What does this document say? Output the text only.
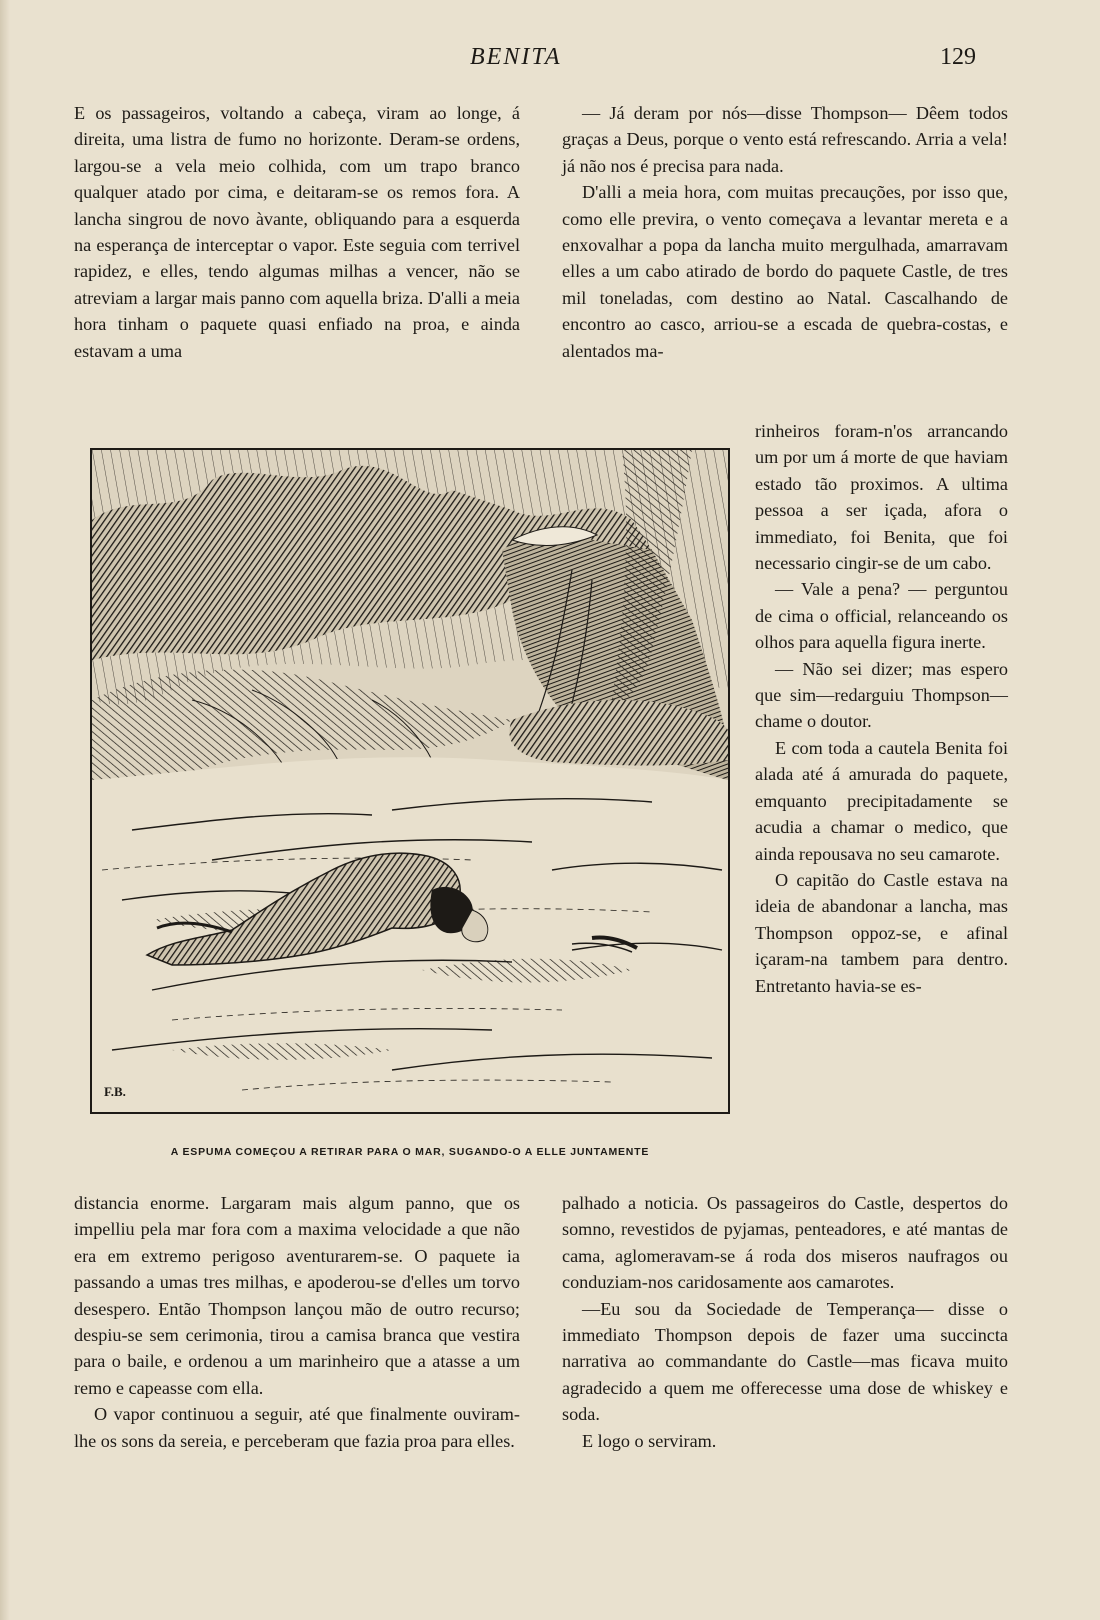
BENITA	129

E os passageiros, voltando a cabeça, viram ao longe, á direita, uma listra de fumo no horizonte. Deram-se ordens, largou-se a vela meio colhida, com um trapo branco qualquer atado por cima, e deitaram-se os remos fora. A lancha singrou de novo àvante, obliquando para a esquerda na esperança de interceptar o vapor. Este seguia com terrivel rapidez, e elles, tendo algumas milhas a vencer, não se atreviam a largar mais panno com aquella briza. D'alli a meia hora tinham o paquete quasi enfiado na proa, e ainda estavam a uma

— Já deram por nós—disse Thompson— Dêem todos graças a Deus, porque o vento está refrescando. Arria a vela! já não nos é precisa para nada.

D'alli a meia hora, com muitas precauções, por isso que, como elle previra, o vento começava a levantar mereta e a enxovalhar a popa da lancha muito mergulhada, amarravam elles a um cabo atirado de bordo do paquete Castle, de tres mil toneladas, com destino ao Natal. Cascalhando de encontro ao casco, arriou-se a escada de quebra-costas, e alentados ma-

rinheiros foram-n'os arrancando um por um á morte de que haviam estado tão proximos. A ultima pessoa a ser içada, afora o immediato, foi Benita, que foi necessario cingir-se de um cabo.

— Vale a pena? — perguntou de cima o official, relanceando os olhos para aquella figura inerte.

— Não sei dizer; mas espero que sim—redarguiu Thompson—chame o doutor.

E com toda a cautela Benita foi alada até á amurada do paquete, emquanto precipitadamente se acudia a chamar o medico, que ainda repousava no seu camarote.

O capitão do Castle estava na ideia de abandonar a lancha, mas Thompson oppoz-se, e afinal içaram-na tambem para dentro. Entretanto havia-se es-

F.B.
A ESPUMA COMEÇOU A RETIRAR PARA O MAR, SUGANDO-O A ELLE JUNTAMENTE

distancia enorme. Largaram mais algum panno, que os impelliu pela mar fora com a maxima velocidade a que não era em extremo perigoso aventurarem-se. O paquete ia passando a umas tres milhas, e apoderou-se d'elles um torvo desespero. Então Thompson lançou mão de outro recurso; despiu-se sem cerimonia, tirou a camisa branca que vestira para o baile, e ordenou a um marinheiro que a atasse a um remo e capeasse com ella.

O vapor continuou a seguir, até que finalmente ouviram-lhe os sons da sereia, e perceberam que fazia proa para elles.

palhado a noticia. Os passageiros do Castle, despertos do somno, revestidos de pyjamas, penteadores, e até mantas de cama, aglomeravam-se á roda dos miseros naufragos ou conduziam-nos caridosamente aos camarotes.

—Eu sou da Sociedade de Temperança— disse o immediato Thompson depois de fazer uma succincta narrativa ao commandante do Castle—mas ficava muito agradecido a quem me offerecesse uma dose de whiskey e soda.

E logo o serviram.
